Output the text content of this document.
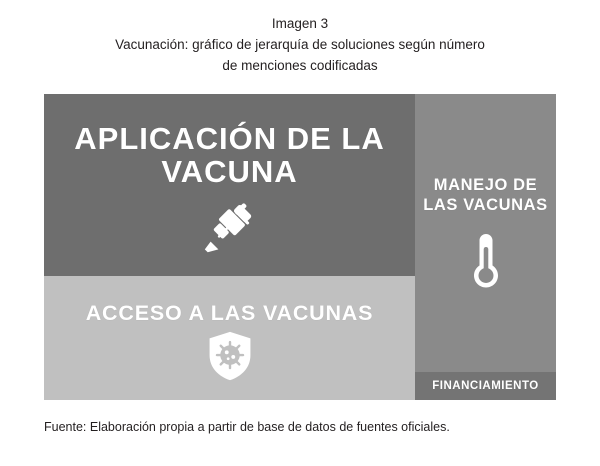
Imagen 3
Vacunación: gráfico de jerarquía de soluciones según número
de menciones codificadas
APLICACIÓN DE LA VACUNA
ACCESO A LAS VACUNAS
MANEJO DE LAS VACUNAS
FINANCIAMIENTO
Fuente: Elaboración propia a partir de base de datos de fuentes oficiales.
